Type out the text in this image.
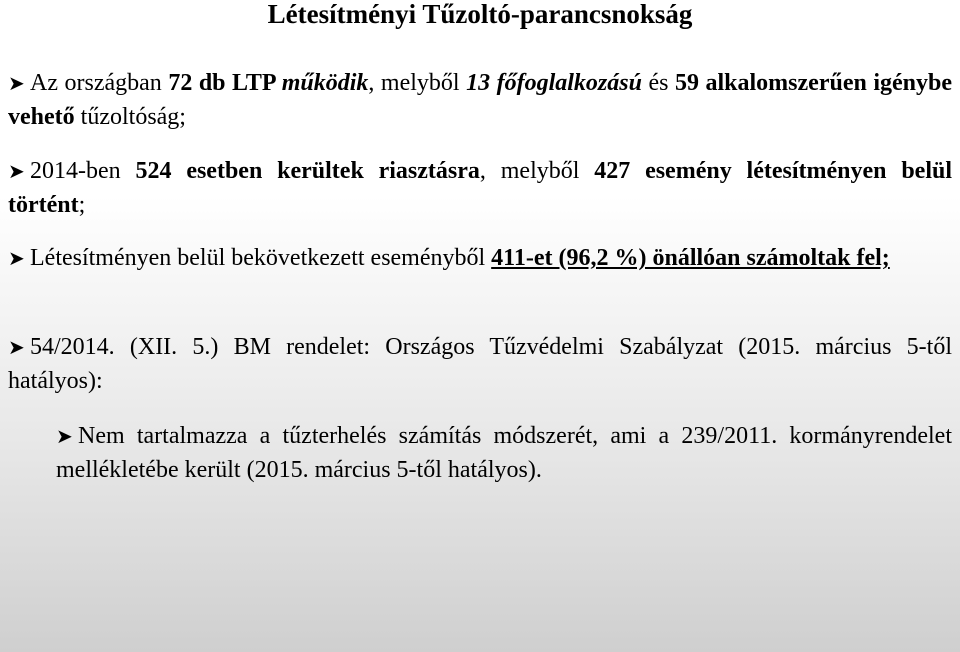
Létesítményi Tűzoltó-parancsnokság
➤ Az országban 72 db LTP működik, melyből 13 főfoglalkozású és 59 alkalomszerűen igénybe vehető tűzoltóság;
➤ 2014-ben 524 esetben kerültek riasztásra, melyből 427 esemény létesítményen belül történt;
➤ Létesítményen belül bekövetkezett eseményből 411-et (96,2 %) önállóan számoltak fel;
➤ 54/2014. (XII. 5.) BM rendelet: Országos Tűzvédelmi Szabályzat (2015. március 5-től hatályos):
➤ Nem tartalmazza a tűzterhelés számítás módszerét, ami a 239/2011. kormányrendelet mellékletébe került (2015. március 5-től hatályos).
